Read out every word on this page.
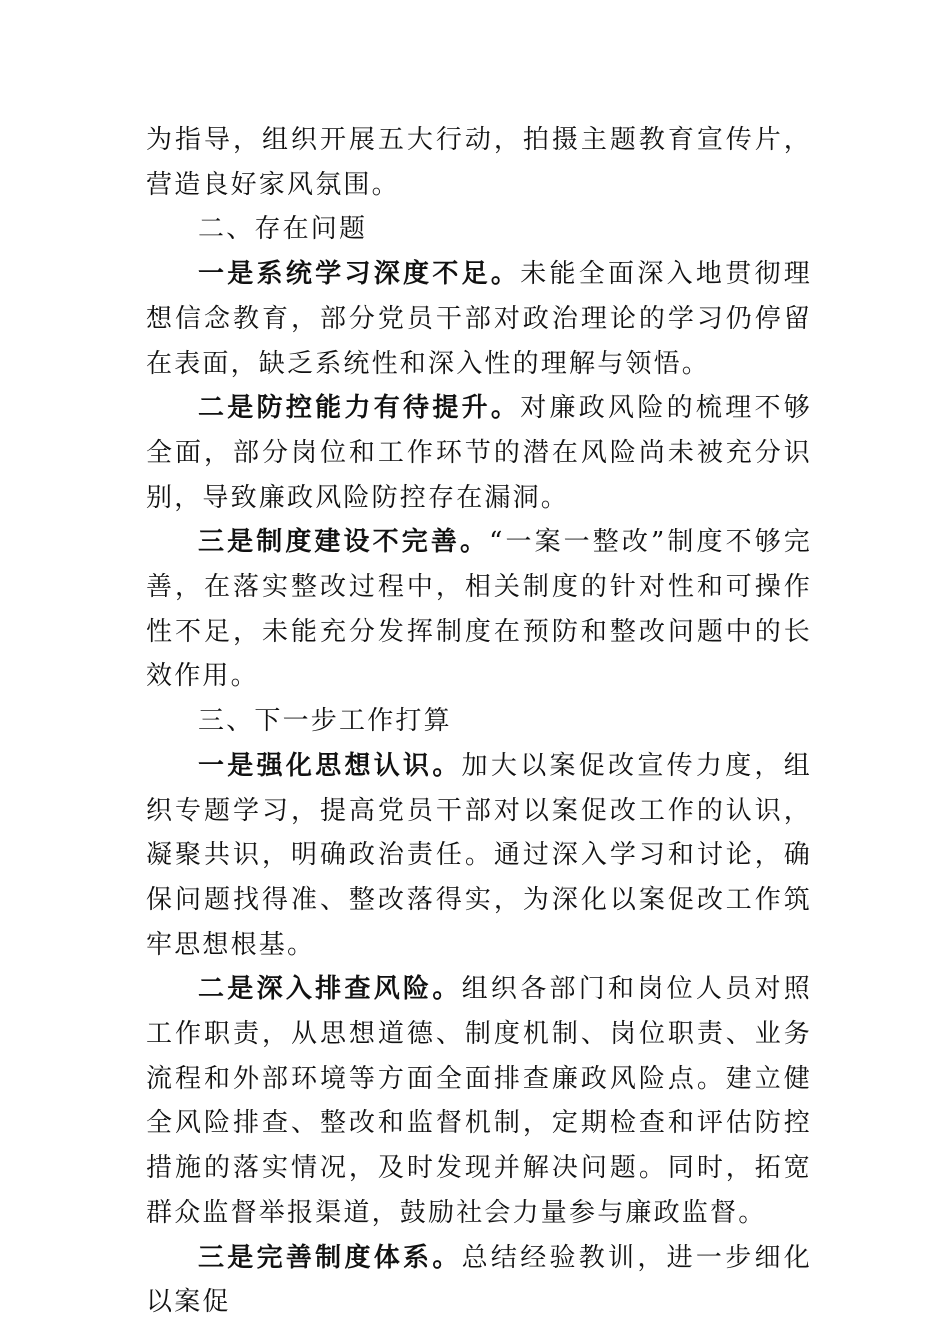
为指导，组织开展五大行动，拍摄主题教育宣传片，营造良好家风氛围。

二、存在问题

一是系统学习深度不足。未能全面深入地贯彻理想信念教育，部分党员干部对政治理论的学习仍停留在表面，缺乏系统性和深入性的理解与领悟。

二是防控能力有待提升。对廉政风险的梳理不够全面，部分岗位和工作环节的潜在风险尚未被充分识别，导致廉政风险防控存在漏洞。

三是制度建设不完善。“一案一整改”制度不够完善，在落实整改过程中，相关制度的针对性和可操作性不足，未能充分发挥制度在预防和整改问题中的长效作用。

三、下一步工作打算

一是强化思想认识。加大以案促改宣传力度，组织专题学习，提高党员干部对以案促改工作的认识，凝聚共识，明确政治责任。通过深入学习和讨论，确保问题找得准、整改落得实，为深化以案促改工作筑牢思想根基。

二是深入排查风险。组织各部门和岗位人员对照工作职责，从思想道德、制度机制、岗位职责、业务流程和外部环境等方面全面排查廉政风险点。建立健全风险排查、整改和监督机制，定期检查和评估防控措施的落实情况，及时发现并解决问题。同时，拓宽群众监督举报渠道，鼓励社会力量参与廉政监督。

三是完善制度体系。总结经验教训，进一步细化以案促
